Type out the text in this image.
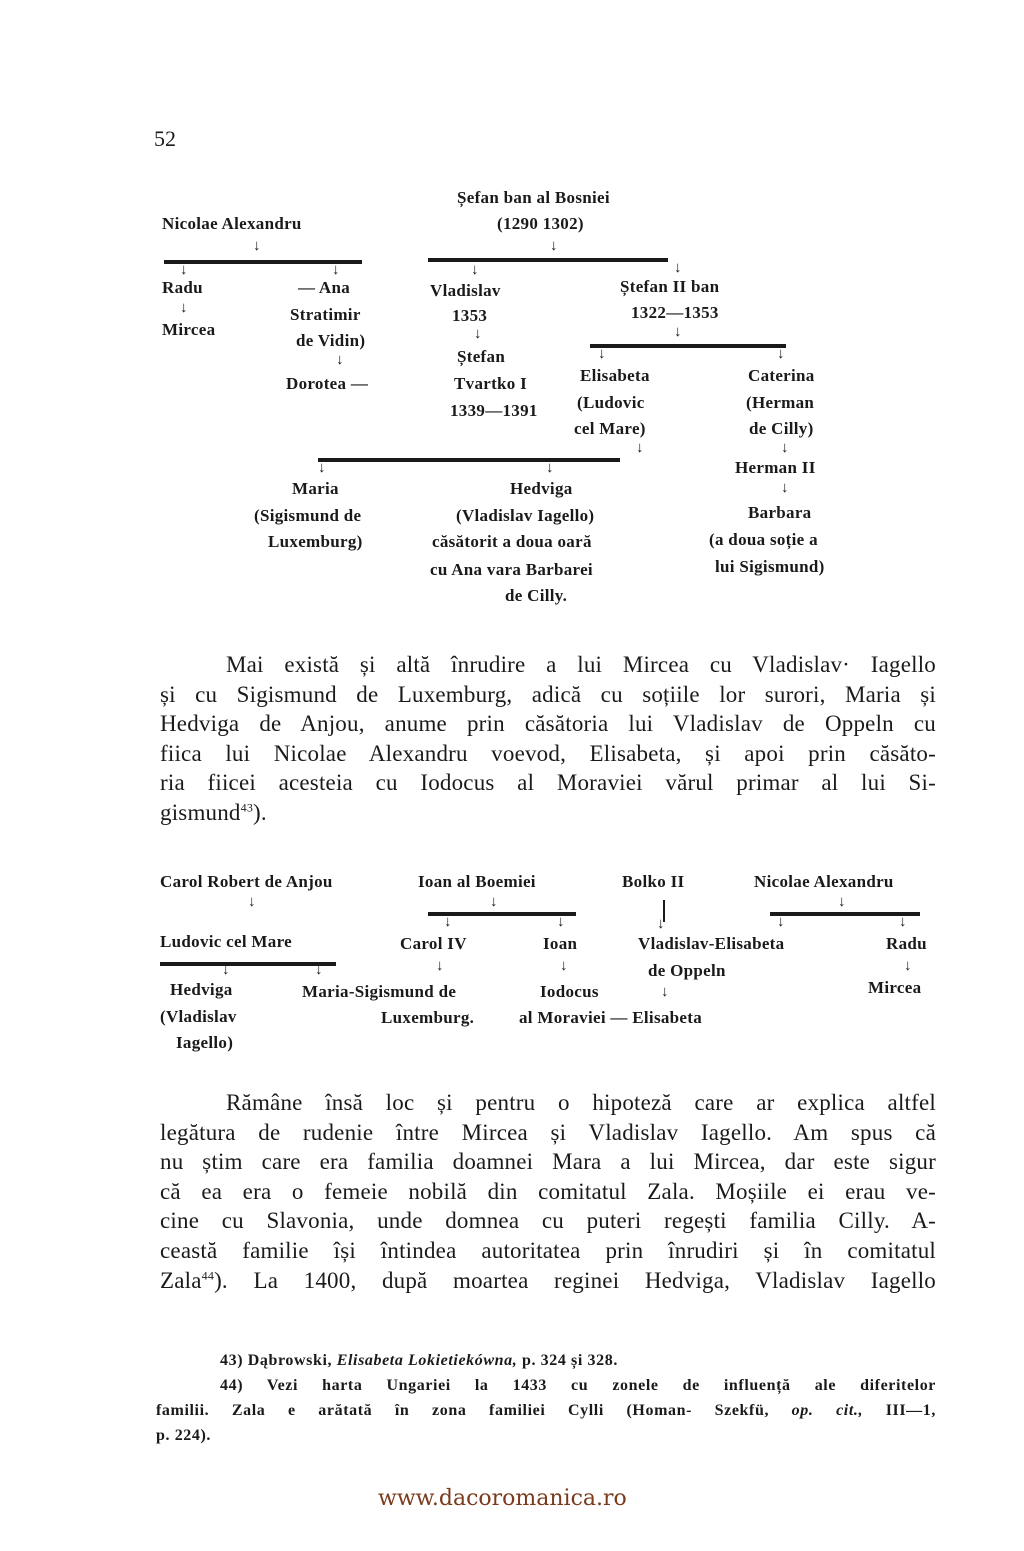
52
Șefan ban al Bosniei
(1290 1302)
Nicolae Alexandru
↓	↓
↓	↓	↓	↓
Radu
↓
Mircea
— Ana
Stratimir
de Vidin)
↓
Dorotea —
Vladislav
1353
↓
Ștefan
Tvartko I
1339—1391
Ștefan II ban
1322—1353
↓
↓	↓
Elisabeta
(Ludovic
cel Mare)
↓
Caterina
(Herman
de Cilly)
↓
Herman II
↓
Barbara
(a doua soție a
lui Sigismund)
↓	↓
Maria
(Sigismund de
Luxemburg)
Hedviga
(Vladislav Iagello)
căsătorit a doua oară
cu Ana vara Barbarei
de Cilly.
Mai există și altă înrudire a lui Mircea cu Vladislav· Iagello
și cu Sigismund de Luxemburg, adică cu soțiile lor surori, Maria și
Hedviga de Anjou, anume prin căsătoria lui Vladislav de Oppeln cu
fiica lui Nicolae Alexandru voevod, Elisabeta, și apoi prin căsăto-
ria fiicei acesteia cu Iodocus al Moraviei vărul primar al lui Si-
gismund$^{43}$).
Carol Robert de Anjou	Ioan al Boemiei	Bolko II	Nicolae Alexandru
↓	↓	↓
↓	↓	↓	↓	↓
Ludovic cel Mare	Carol IV	Ioan	Vladislav-Elisabeta	Radu
↓	↓	↓	↓	de Oppeln	↓
Hedviga
(Vladislav
Iagello)
Maria-Sigismund de
Luxemburg.
Iodocus	↓
al Moraviei — Elisabeta
Mircea
Rămâne însă loc și pentru o hipoteză care ar explica altfel
legătura de rudenie între Mircea și Vladislav Iagello. Am spus că
nu știm care era familia doamnei Mara a lui Mircea, dar este sigur
că ea era o femeie nobilă din comitatul Zala. Moșiile ei erau ve-
cine cu Slavonia, unde domnea cu puteri regești familia Cilly. A-
ceastă familie își întindea autoritatea prin înrudiri și în comitatul
Zala$^{44}$). La 1400, după moartea reginei Hedviga, Vladislav Iagello
43) Dąbrowski, Elisabeta Lokietiekówna, p. 324 și 328.
44) Vezi harta Ungariei la 1433 cu zonele de influență ale diferitelor
familii. Zala e arătată în zona familiei Cylli (Homan- Szekfü, op. cit., III—1,
p. 224).
www.dacoromanica.ro
